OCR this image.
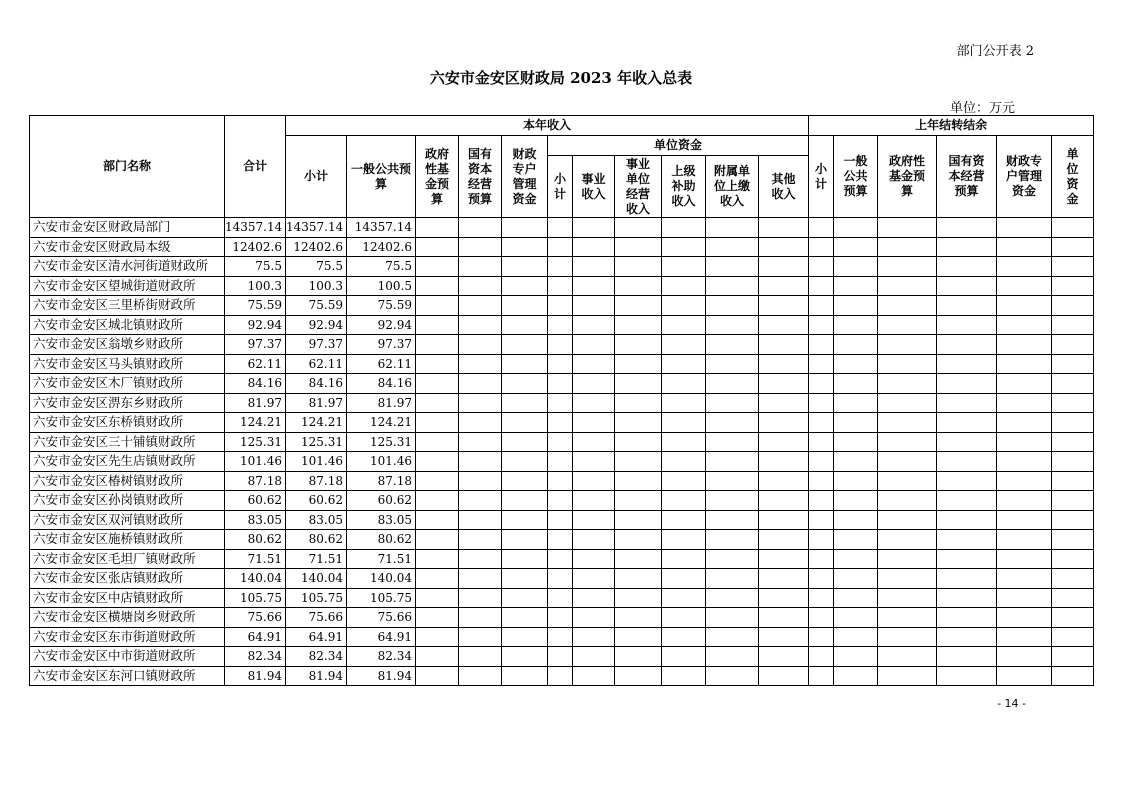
部门公开表 2
六安市金安区财政局 2023 年收入总表
单位：万元
部门名称	合计	本年收入											上年结转结余					
		小计	一般公共预算	政府性基金预算	国有资本经营预算	财政专户管理资金	单位资金						小计	一般公共预算	政府性基金预算	国有资本经营预算	财政专户管理资金	单位资金
							小计	事业收入	事业单位经营收入	上级补助收入	附属单位上缴收入	其他收入						
六安市金安区财政局部门	14357.14	14357.14	14357.14															
六安市金安区财政局本级	12402.6	12402.6	12402.6															
六安市金安区清水河街道财政所	75.5	75.5	75.5															
六安市金安区望城街道财政所	100.3	100.3	100.5															
六安市金安区三里桥街财政所	75.59	75.59	75.59															
六安市金安区城北镇财政所	92.94	92.94	92.94															
六安市金安区翁墩乡财政所	97.37	97.37	97.37															
六安市金安区马头镇财政所	62.11	62.11	62.11															
六安市金安区木厂镇财政所	84.16	84.16	84.16															
六安市金安区淠东乡财政所	81.97	81.97	81.97															
六安市金安区东桥镇财政所	124.21	124.21	124.21															
六安市金安区三十铺镇财政所	125.31	125.31	125.31															
六安市金安区先生店镇财政所	101.46	101.46	101.46															
六安市金安区椿树镇财政所	87.18	87.18	87.18															
六安市金安区孙岗镇财政所	60.62	60.62	60.62															
六安市金安区双河镇财政所	83.05	83.05	83.05															
六安市金安区施桥镇财政所	80.62	80.62	80.62															
六安市金安区毛坦厂镇财政所	71.51	71.51	71.51															
六安市金安区张店镇财政所	140.04	140.04	140.04															
六安市金安区中店镇财政所	105.75	105.75	105.75															
六安市金安区横塘岗乡财政所	75.66	75.66	75.66															
六安市金安区东市街道财政所	64.91	64.91	64.91															
六安市金安区中市街道财政所	82.34	82.34	82.34															
六安市金安区东河口镇财政所	81.94	81.94	81.94															
- 14 -
